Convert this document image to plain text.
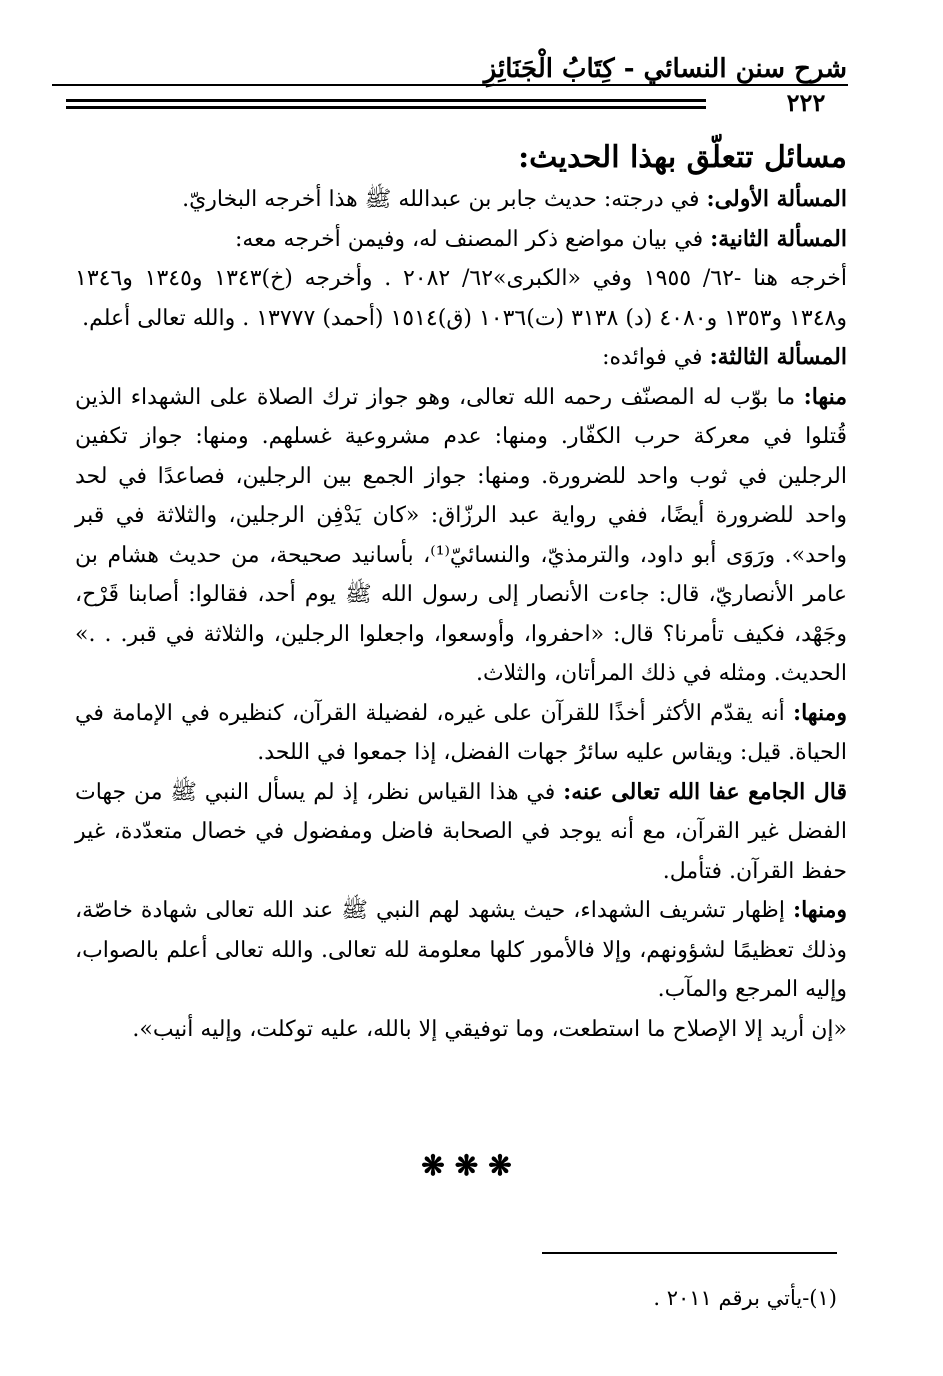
شرح سنن النسائي - كِتَابُ الْجَنَائِزِ
٢٢٢
مسائل تتعلّق بهذا الحديث:

المسألة الأولى: في درجته: حديث جابر بن عبدالله ﷺ هذا أخرجه البخاريّ.

المسألة الثانية: في بيان مواضع ذكر المصنف له، وفيمن أخرجه معه:

أخرجه هنا -٦٢/ ١٩٥٥ وفي «الكبرى»٦٢/ ٢٠٨٢ . وأخرجه (خ)١٣٤٣ و١٣٤٥ و١٣٤٦ و١٣٤٨ و١٣٥٣ و٤٠٨٠ (د) ٣١٣٨ (ت)١٠٣٦ (ق)١٥١٤ (أحمد) ١٣٧٧٧ . والله تعالى أعلم.

المسألة الثالثة: في فوائده:

منها: ما بوّب له المصنّف رحمه الله تعالى، وهو جواز ترك الصلاة على الشهداء الذين قُتلوا في معركة حرب الكفّار. ومنها: عدم مشروعية غسلهم. ومنها: جواز تكفين الرجلين في ثوب واحد للضرورة. ومنها: جواز الجمع بين الرجلين، فصاعدًا في لحد واحد للضرورة أيضًا، ففي رواية عبد الرزّاق: «كان يَدْفِن الرجلين، والثلاثة في قبر واحد». ورَوَى أبو داود، والترمذيّ، والنسائيّ⁽¹⁾، بأسانيد صحيحة، من حديث هشام بن عامر الأنصاريّ، قال: جاءت الأنصار إلى رسول الله ﷺ يوم أحد، فقالوا: أصابنا قَرْح، وجَهْد، فكيف تأمرنا؟ قال: «احفروا، وأوسعوا، واجعلوا الرجلين، والثلاثة في قبر. . .» الحديث. ومثله في ذلك المرأتان، والثلاث.

ومنها: أنه يقدّم الأكثر أخذًا للقرآن على غيره، لفضيلة القرآن، كنظيره في الإمامة في الحياة. قيل: ويقاس عليه سائرُ جهات الفضل، إذا جمعوا في اللحد.

قال الجامع عفا الله تعالى عنه: في هذا القياس نظر، إذ لم يسأل النبي ﷺ من جهات الفضل غير القرآن، مع أنه يوجد في الصحابة فاضل ومفضول في خصال متعدّدة، غير حفظ القرآن. فتأمل.

ومنها: إظهار تشريف الشهداء، حيث يشهد لهم النبي ﷺ عند الله تعالى شهادة خاصّة، وذلك تعظيمًا لشؤونهم، وإلا فالأمور كلها معلومة لله تعالى. والله تعالى أعلم بالصواب، وإليه المرجع والمآب.

«إن أريد إلا الإصلاح ما استطعت، وما توفيقي إلا بالله، عليه توكلت، وإليه أنيب».

❋❋❋
(١)-يأتي برقم ٢٠١١ .
